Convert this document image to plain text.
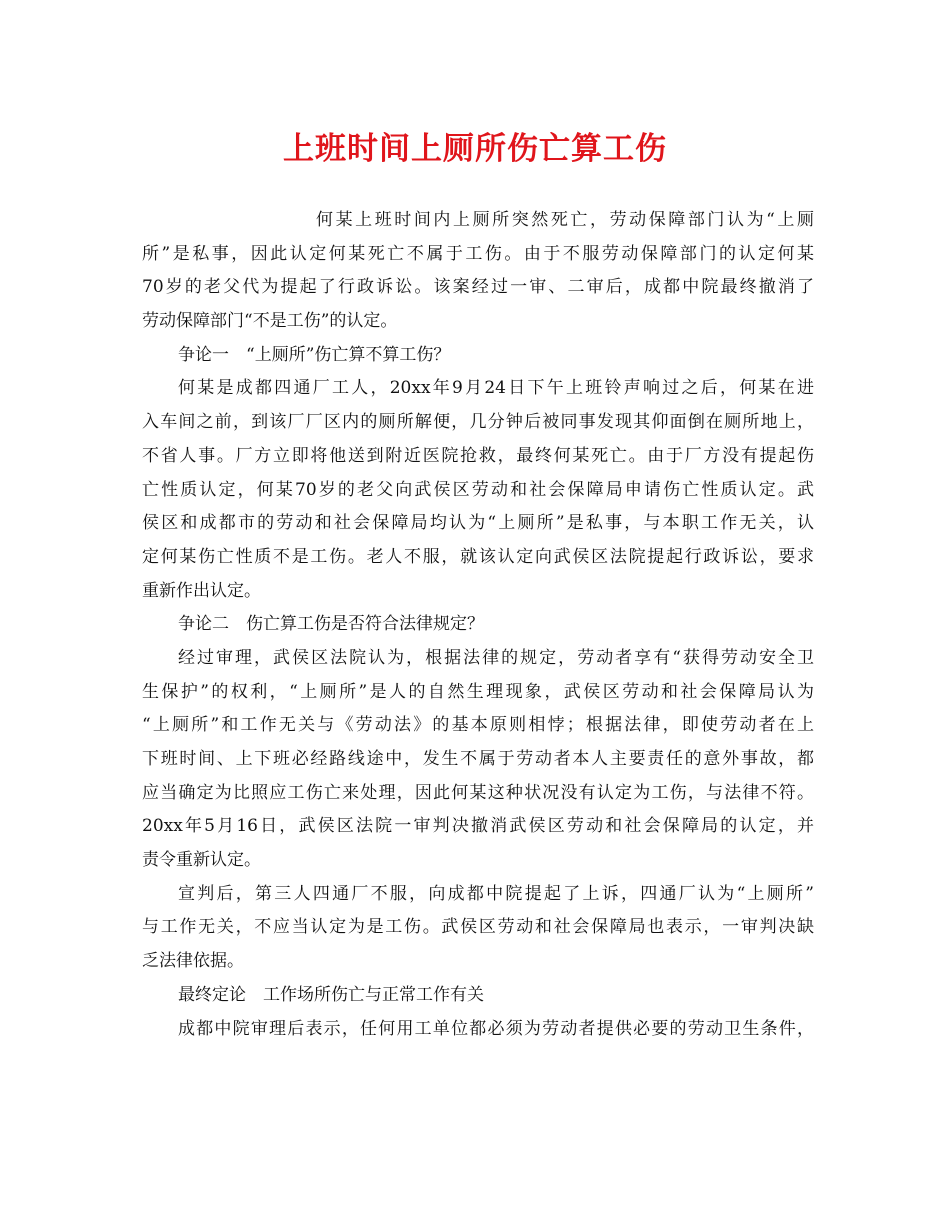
上班时间上厕所伤亡算工伤
何某上班时间内上厕所突然死亡，劳动保障部门认为“上厕
所”是私事，因此认定何某死亡不属于工伤。由于不服劳动保障部门的认定何某
70岁的老父代为提起了行政诉讼。该案经过一审、二审后，成都中院最终撤消了
劳动保障部门“不是工伤”的认定。
争论一　“上厕所”伤亡算不算工伤？
何某是成都四通厂工人，20xx年9月24日下午上班铃声响过之后，何某在进
入车间之前，到该厂厂区内的厕所解便，几分钟后被同事发现其仰面倒在厕所地上，
不省人事。厂方立即将他送到附近医院抢救，最终何某死亡。由于厂方没有提起伤
亡性质认定，何某70岁的老父向武侯区劳动和社会保障局申请伤亡性质认定。武
侯区和成都市的劳动和社会保障局均认为“上厕所”是私事，与本职工作无关，认
定何某伤亡性质不是工伤。老人不服，就该认定向武侯区法院提起行政诉讼，要求
重新作出认定。
争论二　伤亡算工伤是否符合法律规定？
经过审理，武侯区法院认为，根据法律的规定，劳动者享有“获得劳动安全卫
生保护”的权利，“上厕所”是人的自然生理现象，武侯区劳动和社会保障局认为
“上厕所”和工作无关与《劳动法》的基本原则相悖；根据法律，即使劳动者在上
下班时间、上下班必经路线途中，发生不属于劳动者本人主要责任的意外事故，都
应当确定为比照应工伤亡来处理，因此何某这种状况没有认定为工伤，与法律不符。
20xx年5月16日，武侯区法院一审判决撤消武侯区劳动和社会保障局的认定，并
责令重新认定。
宣判后，第三人四通厂不服，向成都中院提起了上诉，四通厂认为“上厕所”
与工作无关，不应当认定为是工伤。武侯区劳动和社会保障局也表示，一审判决缺
乏法律依据。
最终定论　工作场所伤亡与正常工作有关
成都中院审理后表示，任何用工单位都必须为劳动者提供必要的劳动卫生条件，
